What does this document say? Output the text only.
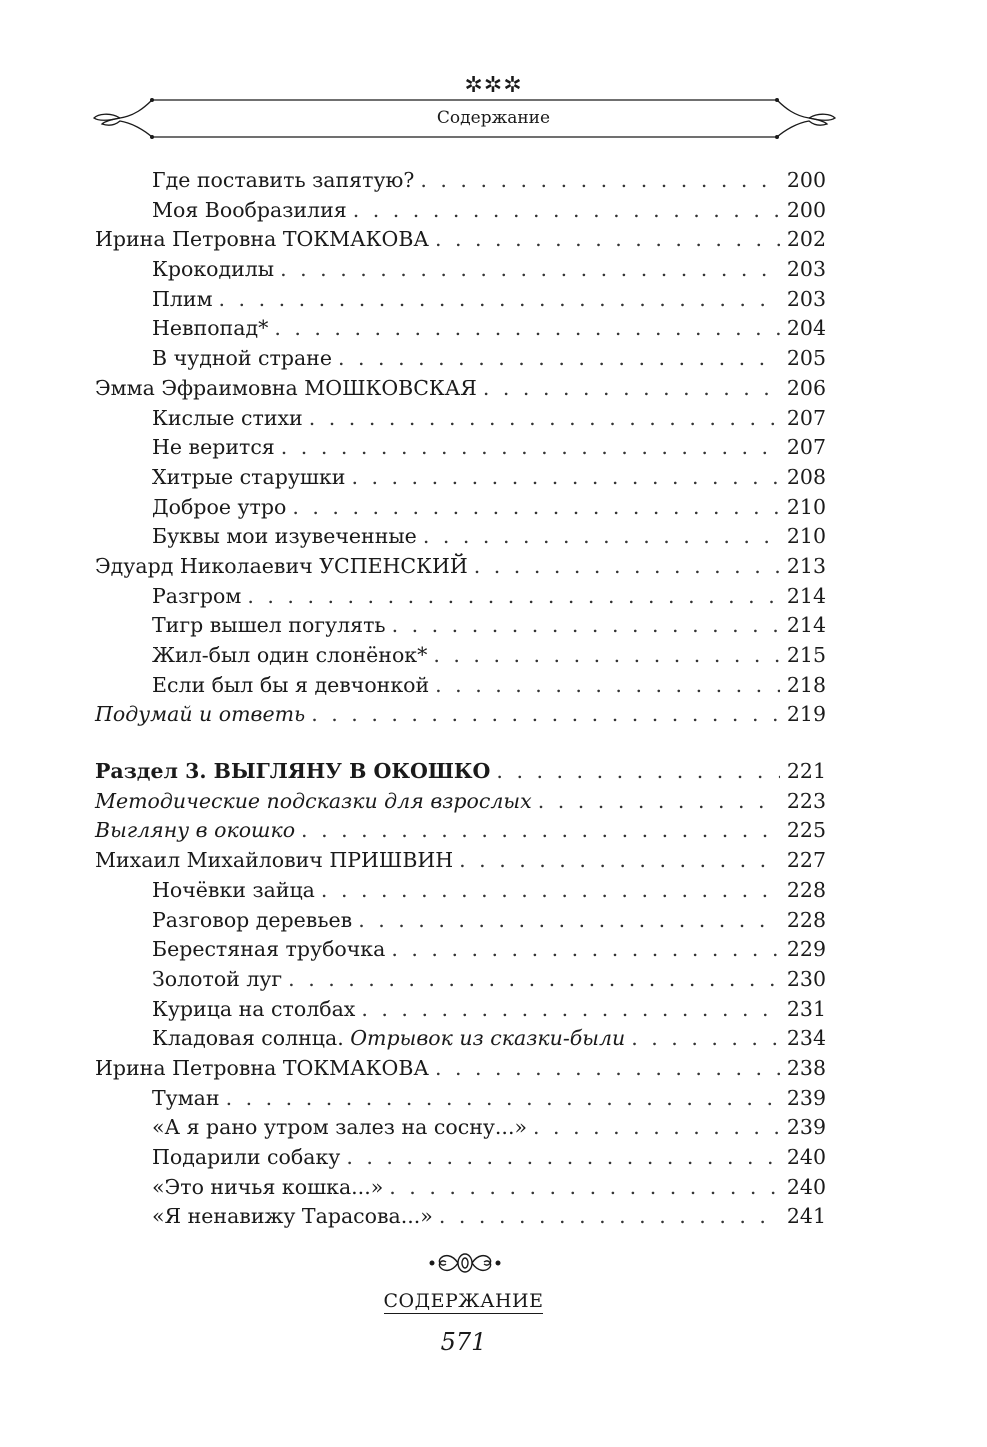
✲✲✲
Содержание
Где поставить запятую? . . .	200
Моя Вообразилия . . .	200
Ирина Петровна ТОКМАКОВА . . .	202
Крокодилы . . .	203
Плим . . .	203
Невпопад* . . .	204
В чудной стране . . .	205
Эмма Эфраимовна МОШКОВСКАЯ . . .	206
Кислые стихи . . .	207
Не верится . . .	207
Хитрые старушки . . .	208
Доброе утро . . .	210
Буквы мои изувеченные . . .	210
Эдуард Николаевич УСПЕНСКИЙ . . .	213
Разгром . . .	214
Тигр вышел погулять . . .	214
Жил-был один слонёнок* . . .	215
Если был бы я девчонкой . . .	218
Подумай и ответь . . .	219
Раздел 3. ВЫГЛЯНУ В ОКОШКО . . .	221
Методические подсказки для взрослых . . .	223
Выгляну в окошко . . .	225
Михаил Михайлович ПРИШВИН . . .	227
Ночёвки зайца . . .	228
Разговор деревьев . . .	228
Берестяная трубочка . . .	229
Золотой луг . . .	230
Курица на столбах . . .	231
Кладовая солнца. Отрывок из сказки-были . . .	234
Ирина Петровна ТОКМАКОВА . . .	238
Туман . . .	239
«А я рано утром залез на сосну...» . . .	239
Подарили собаку . . .	240
«Это ничья кошка...» . . .	240
«Я ненавижу Тарасова...» . . .	241
СОДЕРЖАНИЕ
571
